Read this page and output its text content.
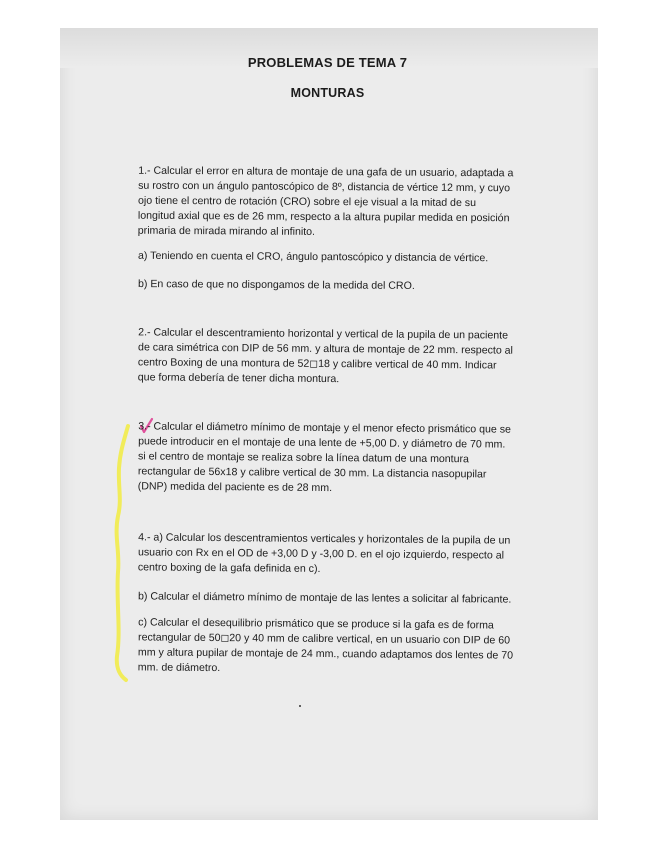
PROBLEMAS DE TEMA 7
MONTURAS
1.- Calcular el error en altura de montaje de una gafa de un usuario, adaptada a
su rostro con un ángulo pantoscópico de 8º, distancia de vértice 12 mm, y cuyo
ojo tiene el centro de rotación (CRO) sobre el eje visual a la mitad de su
longitud axial que es de 26 mm, respecto a la altura pupilar medida en posición
primaria de mirada mirando al infinito.
a) Teniendo en cuenta el CRO, ángulo pantoscópico y distancia de vértice.
b) En caso de que no dispongamos de la medida del CRO.
2.- Calcular el descentramiento horizontal y vertical de la pupila de un paciente
de cara simétrica con DIP de 56 mm. y altura de montaje de 22 mm. respecto al
centro Boxing de una montura de 52◻18 y calibre vertical de 40 mm. Indicar
que forma debería de tener dicha montura.
3.- Calcular el diámetro mínimo de montaje y el menor efecto prismático que se
puede introducir en el montaje de una lente de +5,00 D. y diámetro de 70 mm.
si el centro de montaje se realiza sobre la línea datum de una montura
rectangular de 56x18 y calibre vertical de 30 mm. La distancia nasopupilar
(DNP) medida del paciente es de 28 mm.
4.- a) Calcular los descentramientos verticales y horizontales de la pupila de un
usuario con Rx en el OD de +3,00 D y -3,00 D. en el ojo izquierdo, respecto al
centro boxing de la gafa definida en c).
b) Calcular el diámetro mínimo de montaje de las lentes a solicitar al fabricante.
c) Calcular el desequilibrio prismático que se produce si la gafa es de forma
rectangular de 50◻20 y 40 mm de calibre vertical, en un usuario con DIP de 60
mm y altura pupilar de montaje de 24 mm., cuando adaptamos dos lentes de 70
mm. de diámetro.
